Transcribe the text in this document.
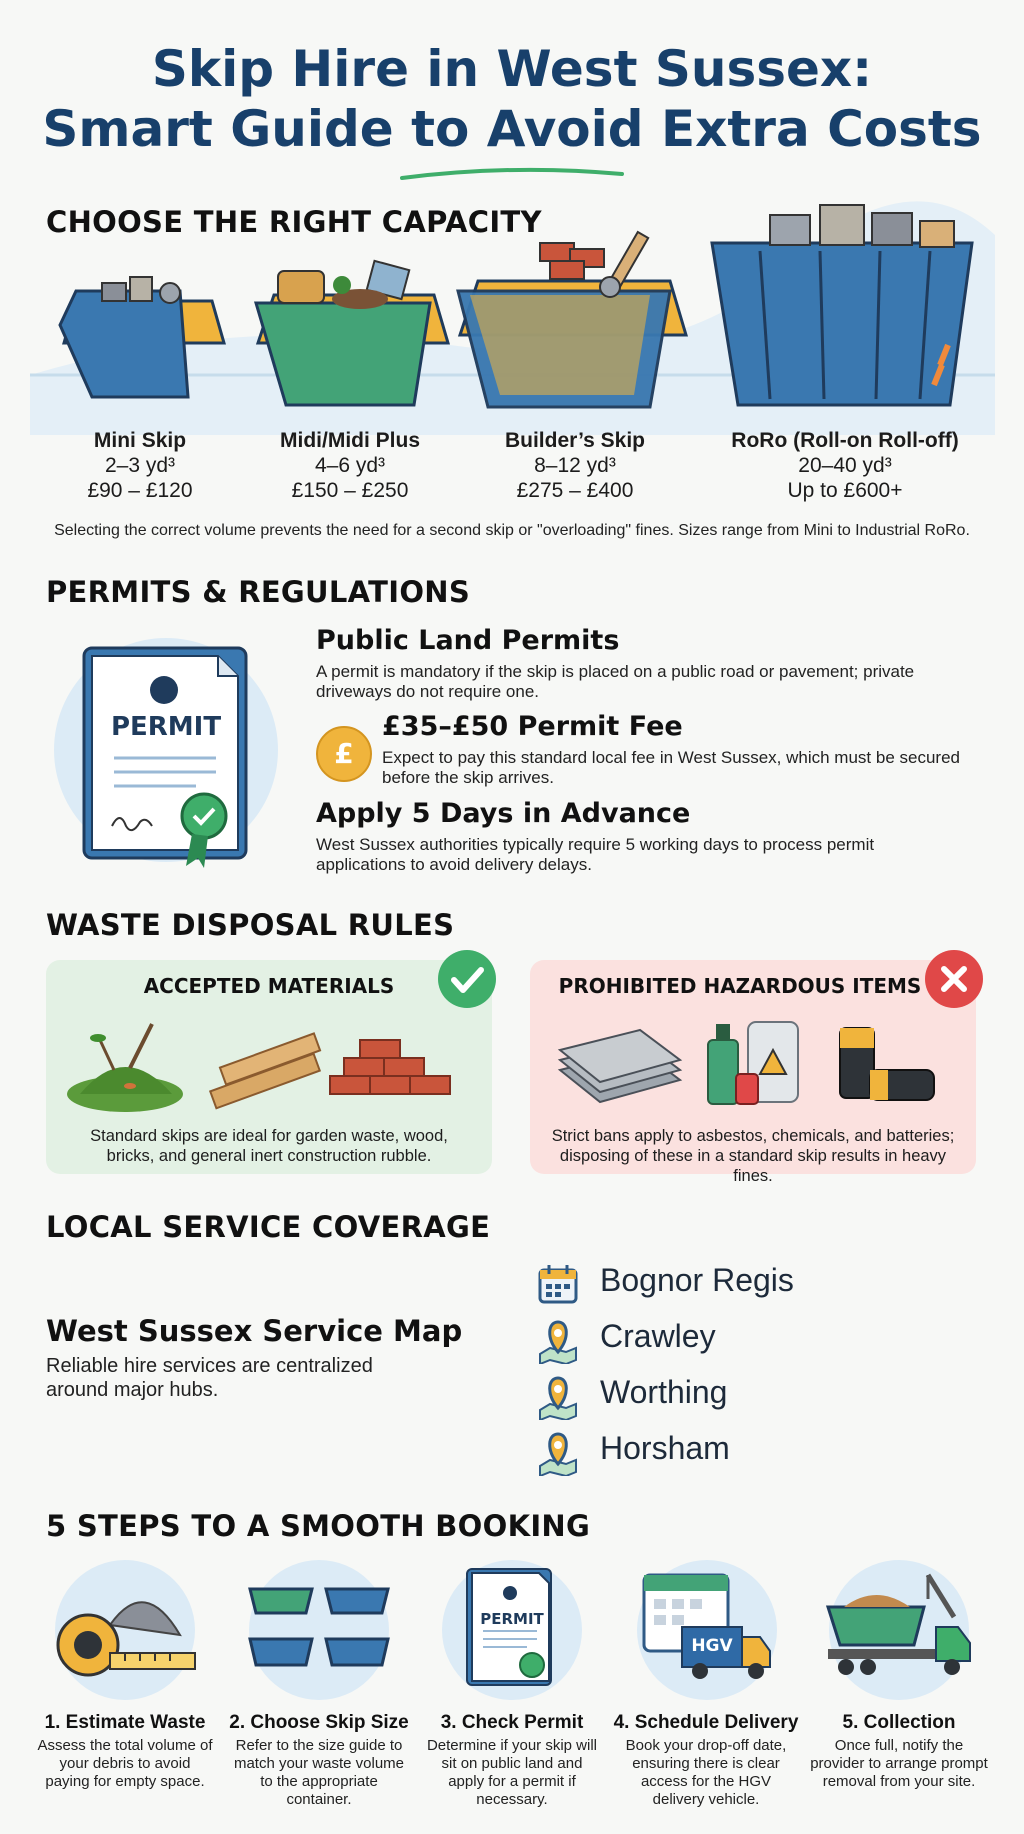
Skip Hire in West Sussex:
Smart Guide to Avoid Extra Costs
CHOOSE THE RIGHT CAPACITY
Mini Skip
2–3 yd³
£90 – £120
Midi/Midi Plus
4–6 yd³
£150 – £250
Builder’s Skip
8–12 yd³
£275 – £400
RoRo (Roll-on Roll-off)
20–40 yd³
Up to £600+
Selecting the correct volume prevents the need for a second skip or "overloading" fines. Sizes range from Mini to Industrial RoRo.
PERMITS & REGULATIONS
PERMIT
Public Land Permits
A permit is mandatory if the skip is placed on a public road or pavement; private driveways do not require one.
£
£35–£50 Permit Fee
Expect to pay this standard local fee in West Sussex, which must be secured before the skip arrives.
Apply 5 Days in Advance
West Sussex authorities typically require 5 working days to process permit applications to avoid delivery delays.
WASTE DISPOSAL RULES
ACCEPTED MATERIALS
Standard skips are ideal for garden waste, wood, bricks, and general inert construction rubble.
PROHIBITED HAZARDOUS ITEMS
Strict bans apply to asbestos, chemicals, and batteries; disposing of these in a standard skip results in heavy fines.
LOCAL SERVICE COVERAGE
West Sussex Service Map
Reliable hire services are centralized around major hubs.
Bognor Regis
Crawley
Worthing
Horsham
5 STEPS TO A SMOOTH BOOKING
1. Estimate Waste
Assess the total volume of your debris to avoid paying for empty space.
2. Choose Skip Size
Refer to the size guide to match your waste volume to the appropriate container.
PERMIT
3. Check Permit
Determine if your skip will sit on public land and apply for a permit if necessary.
HGV
4. Schedule Delivery
Book your drop-off date, ensuring there is clear access for the HGV delivery vehicle.
5. Collection
Once full, notify the provider to arrange prompt removal from your site.
